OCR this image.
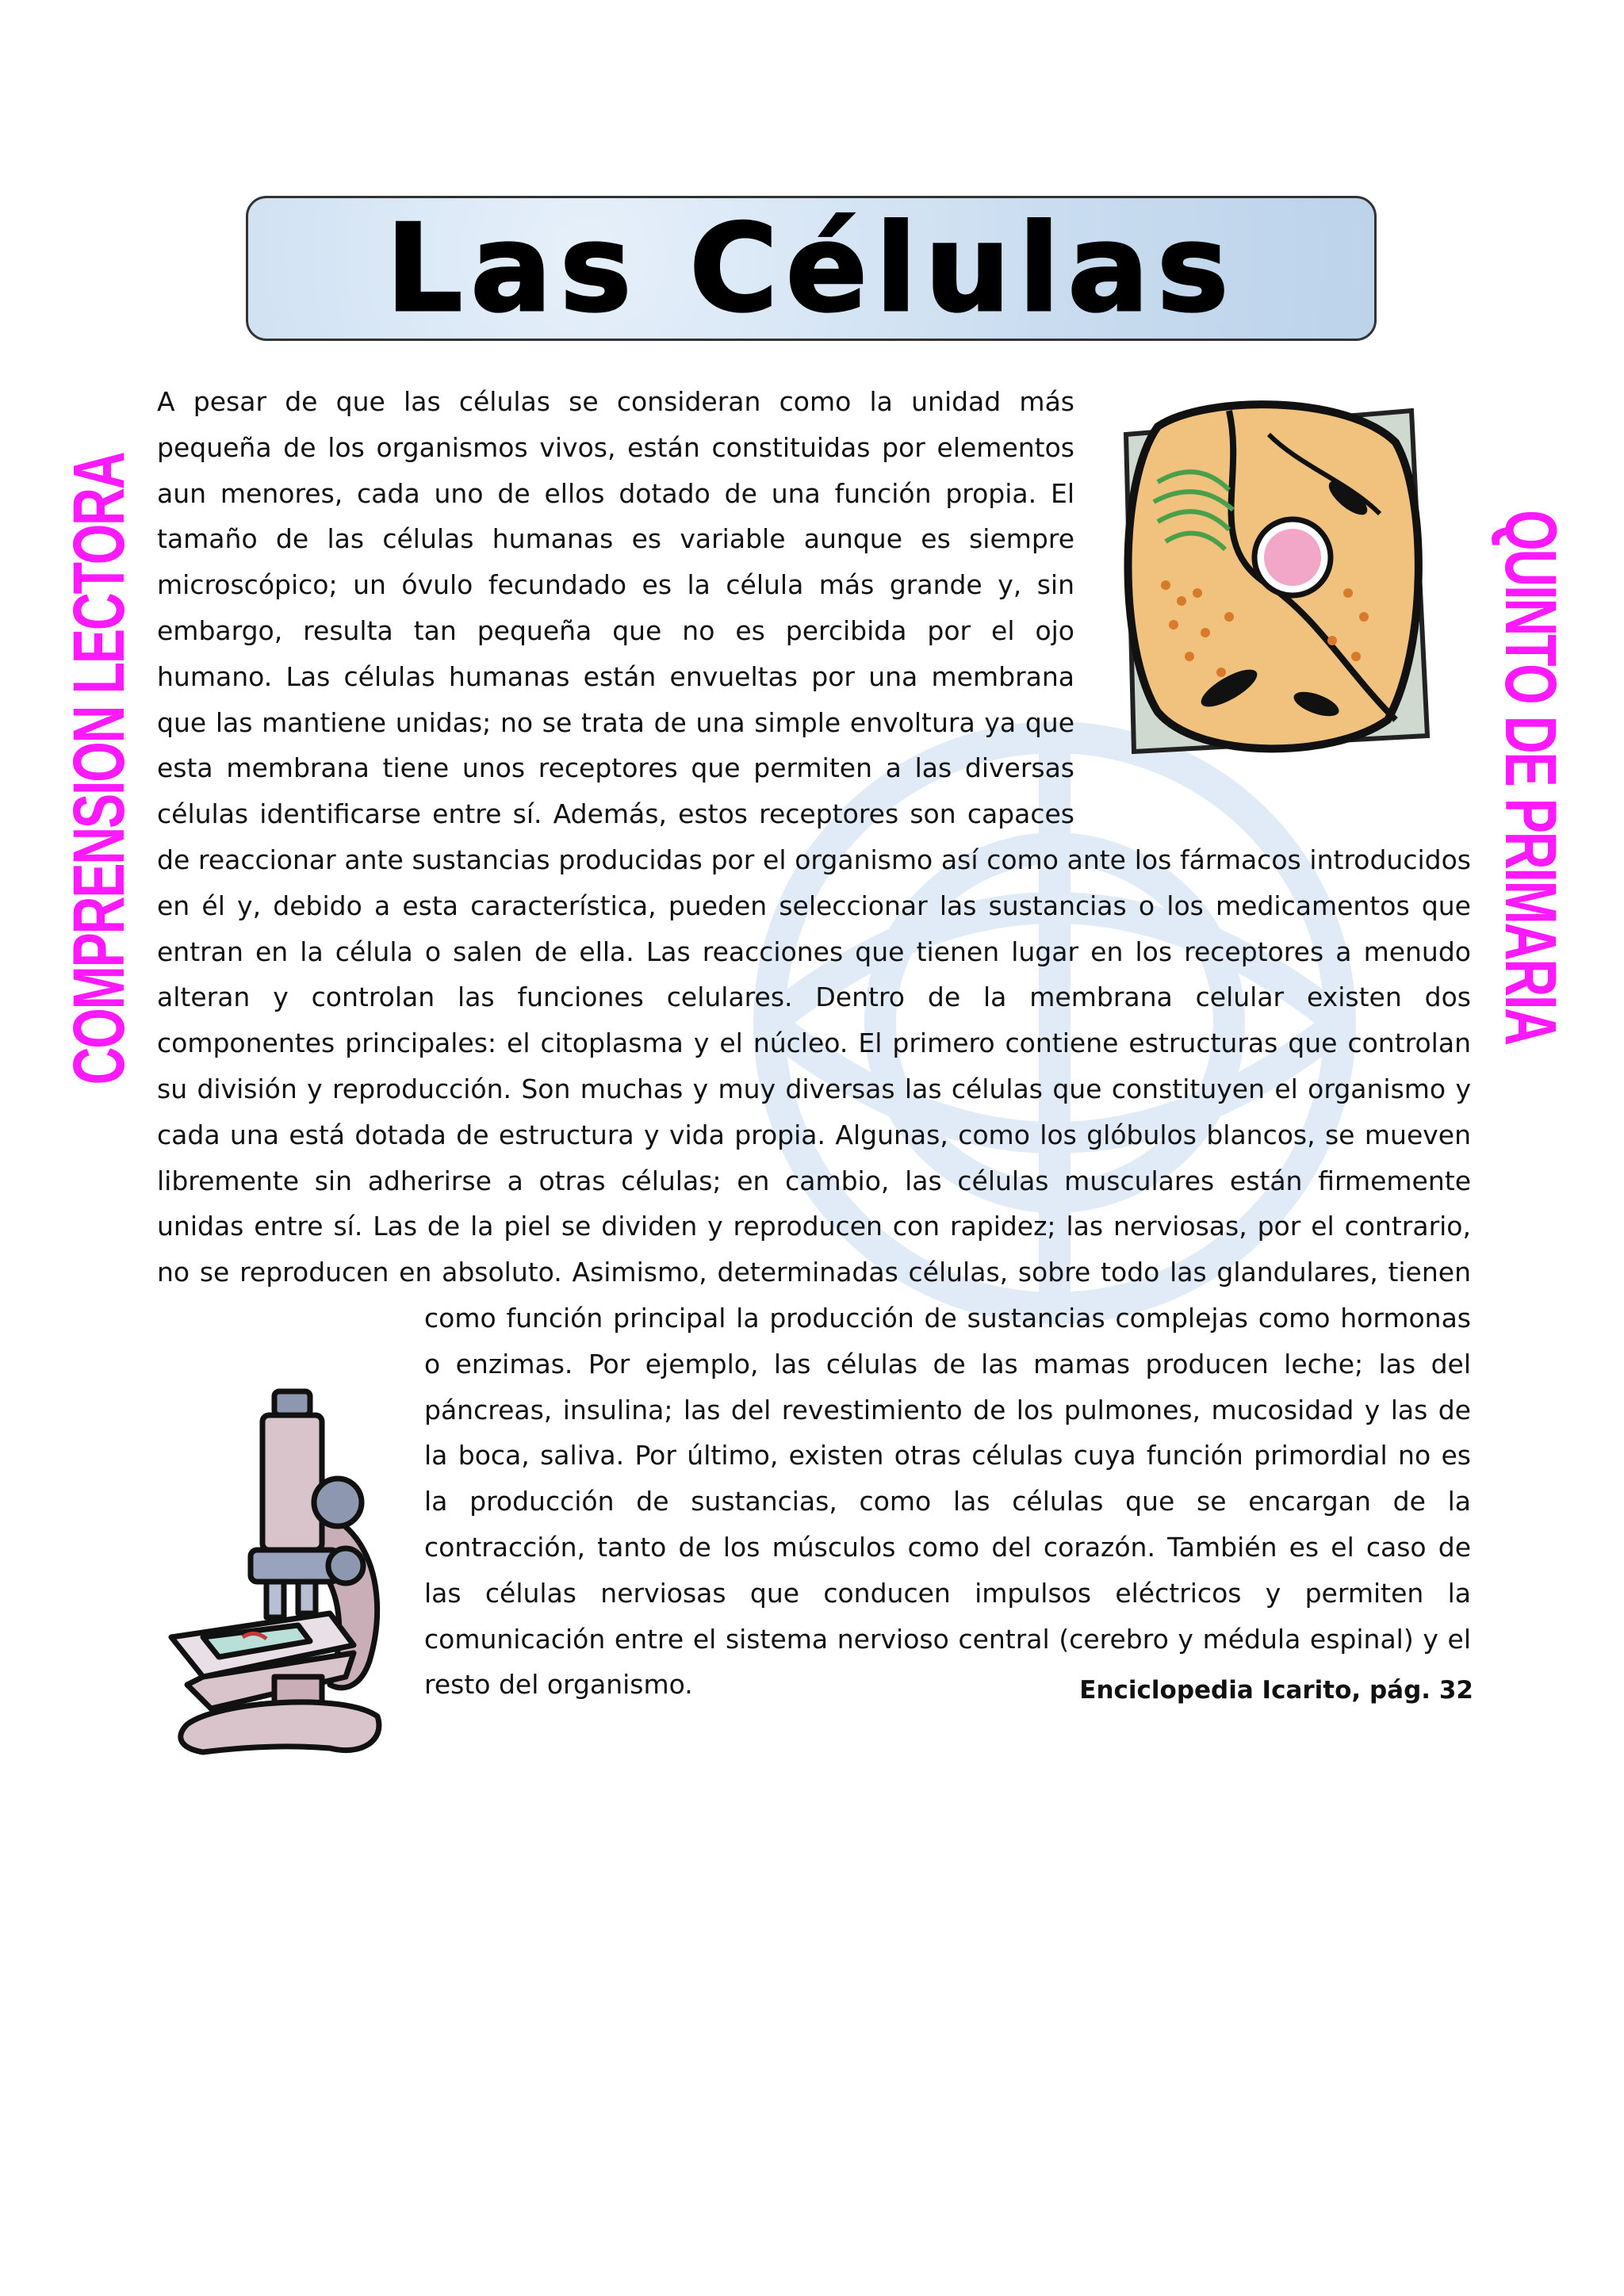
Las Células
COMPRENSION LECTORA	QUINTO DE PRIMARIA
A pesar de que las células se consideran como la unidad más pequeña de los organismos vivos, están constituidas por elementos aun menores, cada uno de ellos dotado de una función propia. El tamaño de las células humanas es variable aunque es siempre microscópico; un óvulo fecundado es la célula más grande y, sin embargo, resulta tan pequeña que no es percibida por el ojo humano. Las células humanas están envueltas por una membrana que las mantiene unidas; no se trata de una simple envoltura ya que esta membrana tiene unos receptores que permiten a las diversas células identificarse entre sí. Además, estos receptores son capaces de reaccionar ante sustancias producidas por el organismo así como ante los fármacos introducidos en él y, debido a esta característica, pueden seleccionar las sustancias o los medicamentos que entran en la célula o salen de ella. Las reacciones que tienen lugar en los receptores a menudo alteran y controlan las funciones celulares. Dentro de la membrana celular existen dos componentes principales: el citoplasma y el núcleo. El primero contiene estructuras que controlan su división y reproducción. Son muchas y muy diversas las células que constituyen el organismo y cada una está dotada de estructura y vida propia. Algunas, como los glóbulos blancos, se mueven libremente sin adherirse a otras células; en cambio, las células musculares están firmemente unidas entre sí. Las de la piel se dividen y reproducen con rapidez; las nerviosas, por el contrario, no se reproducen en absoluto. Asimismo, determinadas células, sobre todo las glandulares, tienen como función principal la producción de sustancias complejas como hormonas o enzimas. Por ejemplo, las células de las mamas producen leche; las del páncreas, insulina; las del revestimiento de los pulmones, mucosidad y las de la boca, saliva. Por último, existen otras células cuya función primordial no es la producción de sustancias, como las células que se encargan de la contracción, tanto de los músculos como del corazón. También es el caso de las células nerviosas que conducen impulsos eléctricos y permiten la comunicación entre el sistema nervioso central (cerebro y médula espinal) y el resto del organismo.	Enciclopedia Icarito, pág. 32
